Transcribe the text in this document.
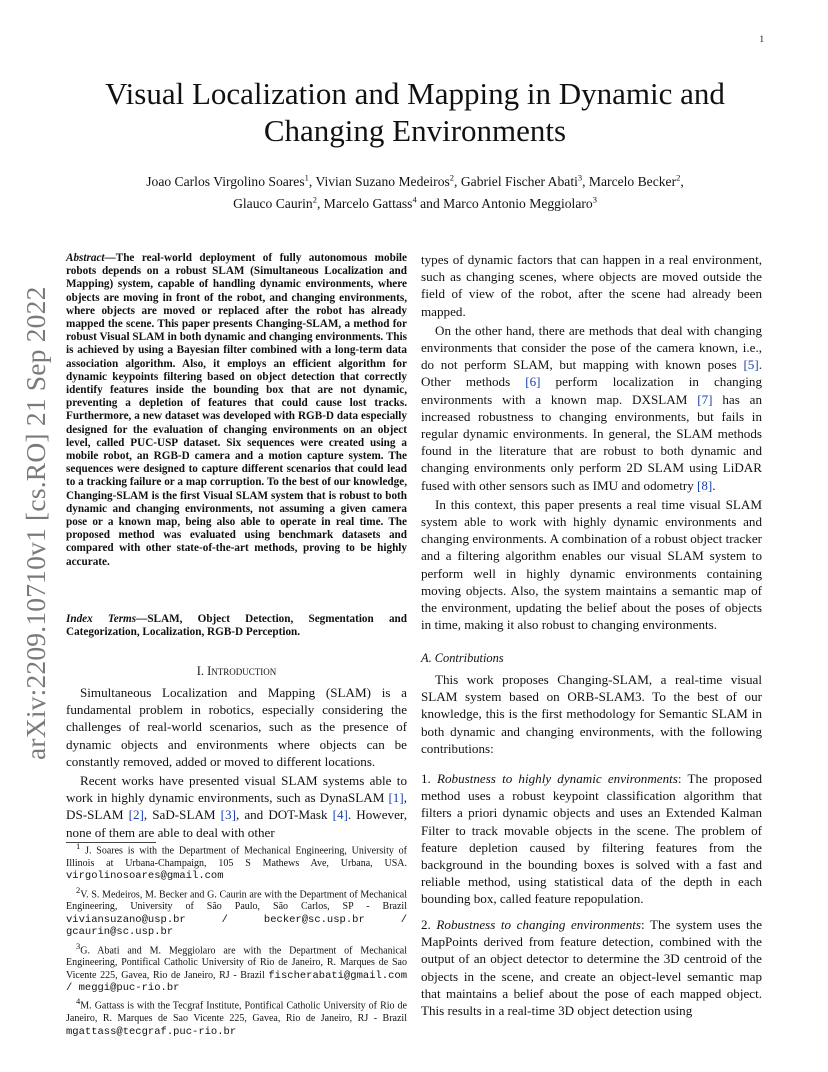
1
arXiv:2209.10710v1 [cs.RO] 21 Sep 2022
Visual Localization and Mapping in Dynamic and Changing Environments
Joao Carlos Virgolino Soares$^1$, Vivian Suzano Medeiros$^2$, Gabriel Fischer Abati$^3$, Marcelo Becker$^2$,
Glauco Caurin$^2$, Marcelo Gattass$^4$ and Marco Antonio Meggiolaro$^3$
Abstract—The real-world deployment of fully autonomous mobile robots depends on a robust SLAM (Simultaneous Localization and Mapping) system, capable of handling dynamic environments, where objects are moving in front of the robot, and changing environments, where objects are moved or replaced after the robot has already mapped the scene. This paper presents Changing-SLAM, a method for robust Visual SLAM in both dynamic and changing environments. This is achieved by using a Bayesian filter combined with a long-term data association algorithm. Also, it employs an efficient algorithm for dynamic keypoints filtering based on object detection that correctly identify features inside the bounding box that are not dynamic, preventing a depletion of features that could cause lost tracks. Furthermore, a new dataset was developed with RGB-D data especially designed for the evaluation of changing environments on an object level, called PUC-USP dataset. Six sequences were created using a mobile robot, an RGB-D camera and a motion capture system. The sequences were designed to capture different scenarios that could lead to a tracking failure or a map corruption. To the best of our knowledge, Changing-SLAM is the first Visual SLAM system that is robust to both dynamic and changing environments, not assuming a given camera pose or a known map, being also able to operate in real time. The proposed method was evaluated using benchmark datasets and compared with other state-of-the-art methods, proving to be highly accurate.
Index Terms—SLAM, Object Detection, Segmentation and Categorization, Localization, RGB-D Perception.
I. Introduction

Simultaneous Localization and Mapping (SLAM) is a fundamental problem in robotics, especially considering the challenges of real-world scenarios, such as the presence of dynamic objects and environments where objects can be constantly removed, added or moved to different locations.

Recent works have presented visual SLAM systems able to work in highly dynamic environments, such as DynaSLAM [1], DS-SLAM [2], SaD-SLAM [3], and DOT-Mask [4]. However, none of them are able to deal with other

$^1$ J. Soares is with the Department of Mechanical Engineering, University of Illinois at Urbana-Champaign, 105 S Mathews Ave, Urbana, USA. virgolinosoares@gmail.com

$^2$V. S. Medeiros, M. Becker and G. Caurin are with the Department of Mechanical Engineering, University of São Paulo, São Carlos, SP - Brazil viviansuzano@usp.br / becker@sc.usp.br / gcaurin@sc.usp.br

$^3$G. Abati and M. Meggiolaro are with the Department of Mechanical Engineering, Pontifical Catholic University of Rio de Janeiro, R. Marques de Sao Vicente 225, Gavea, Rio de Janeiro, RJ - Brazil fischerabati@gmail.com / meggi@puc-rio.br

$^4$M. Gattass is with the Tecgraf Institute, Pontifical Catholic University of Rio de Janeiro, R. Marques de Sao Vicente 225, Gavea, Rio de Janeiro, RJ - Brazil mgattass@tecgraf.puc-rio.br

types of dynamic factors that can happen in a real environment, such as changing scenes, where objects are moved outside the field of view of the robot, after the scene had already been mapped.

On the other hand, there are methods that deal with changing environments that consider the pose of the camera known, i.e., do not perform SLAM, but mapping with known poses [5]. Other methods [6] perform localization in changing environments with a known map. DXSLAM [7] has an increased robustness to changing environments, but fails in regular dynamic environments. In general, the SLAM methods found in the literature that are robust to both dynamic and changing environments only perform 2D SLAM using LiDAR fused with other sensors such as IMU and odometry [8].

In this context, this paper presents a real time visual SLAM system able to work with highly dynamic environments and changing environments. A combination of a robust object tracker and a filtering algorithm enables our visual SLAM system to perform well in highly dynamic environments containing moving objects. Also, the system maintains a semantic map of the environment, updating the belief about the poses of objects in time, making it also robust to changing environments.

A. Contributions

This work proposes Changing-SLAM, a real-time visual SLAM system based on ORB-SLAM3. To the best of our knowledge, this is the first methodology for Semantic SLAM in both dynamic and changing environments, with the following contributions:

1. Robustness to highly dynamic environments: The proposed method uses a robust keypoint classification algorithm that filters a priori dynamic objects and uses an Extended Kalman Filter to track movable objects in the scene. The problem of feature depletion caused by filtering features from the background in the bounding boxes is solved with a fast and reliable method, using statistical data of the depth in each bounding box, called feature repopulation.

2. Robustness to changing environments: The system uses the MapPoints derived from feature detection, combined with the output of an object detector to determine the 3D centroid of the objects in the scene, and create an object-level semantic map that maintains a belief about the pose of each mapped object. This results in a real-time 3D object detection using
